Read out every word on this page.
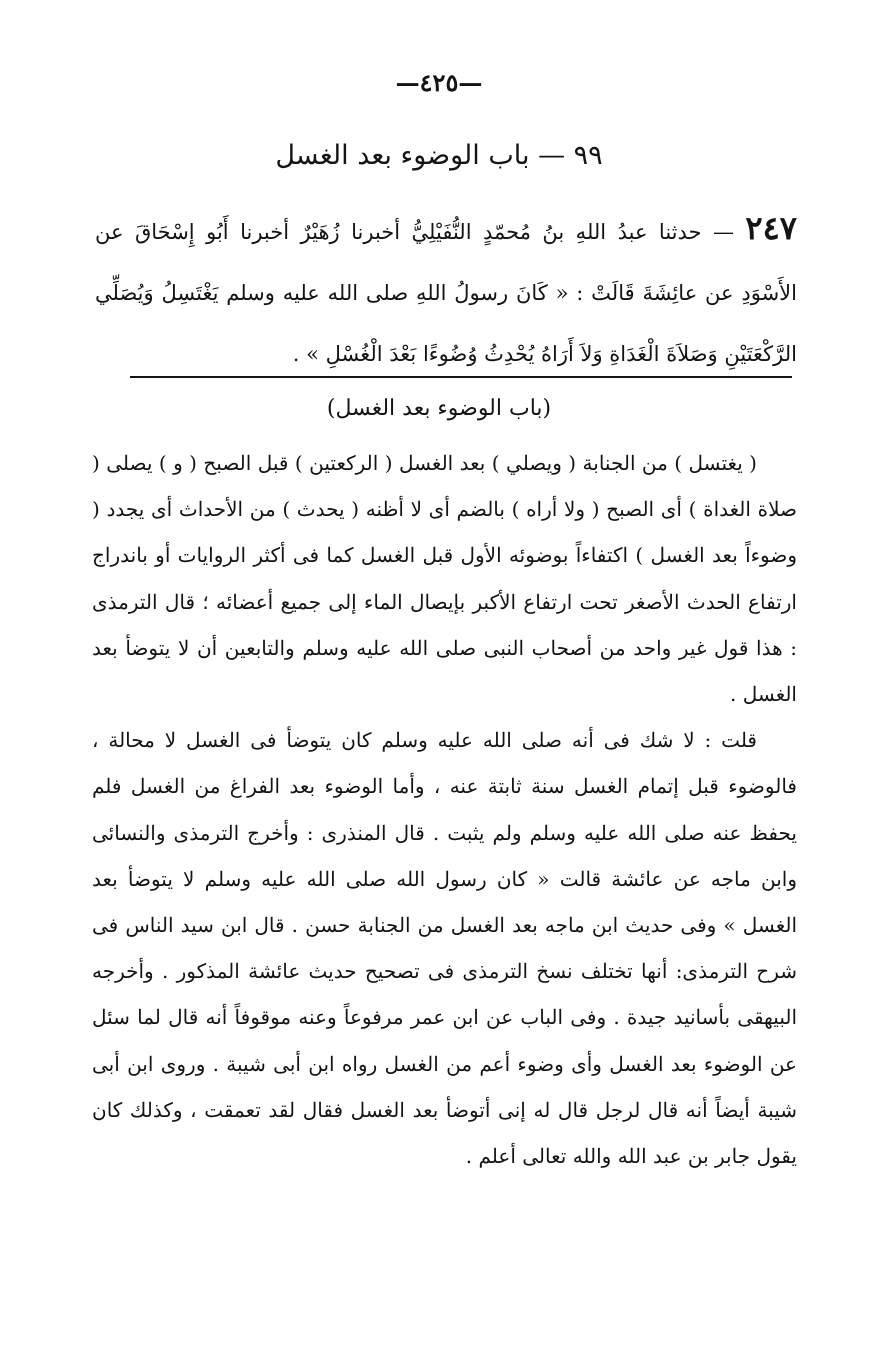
—٤٢٥—
٩٩ — باب الوضوء بعد الغسل
٢٤٧ — حدثنا عبدُ اللهِ بنُ مُحمّدٍ النُّفَيْلِيُّ أخبرنا زُهَيْرٌ أخبرنا أَبُو إِسْحَاقَ عن الأَسْوَدِ عن عائِشَةَ قَالَتْ : « كَانَ رسولُ اللهِ صلى الله عليه وسلم يَغْتَسِلُ وَيُصَلِّي الرَّكْعَتَيْنِ وَصَلاَةَ الْغَدَاةِ وَلاَ أَرَاهُ يُحْدِثُ وُضُوءًا بَعْدَ الْغُسْلِ » .
(باب الوضوء بعد الغسل)

( يغتسل ) من الجنابة ( ويصلي ) بعد الغسل ( الركعتين ) قبل الصبح ( و ) يصلى ( صلاة الغداة ) أى الصبح ( ولا أراه ) بالضم أى لا أظنه ( يحدث ) من الأحداث أى يجدد ( وضوءاً بعد الغسل ) اكتفاءاً بوضوئه الأول قبل الغسل كما فى أكثر الروايات أو باندراج ارتفاع الحدث الأصغر تحت ارتفاع الأكبر بإيصال الماء إلى جميع أعضائه ؛ قال الترمذى : هذا قول غير واحد من أصحاب النبى صلى الله عليه وسلم والتابعين أن لا يتوضأ بعد الغسل .

قلت : لا شك فى أنه صلى الله عليه وسلم كان يتوضأ فى الغسل لا محالة ، فالوضوء قبل إتمام الغسل سنة ثابتة عنه ، وأما الوضوء بعد الفراغ من الغسل فلم يحفظ عنه صلى الله عليه وسلم ولم يثبت . قال المنذرى : وأخرج الترمذى والنسائى وابن ماجه عن عائشة قالت « كان رسول الله صلى الله عليه وسلم لا يتوضأ بعد الغسل » وفى حديث ابن ماجه بعد الغسل من الجنابة حسن . قال ابن سيد الناس فى شرح الترمذى: أنها تختلف نسخ الترمذى فى تصحيح حديث عائشة المذكور . وأخرجه البيهقى بأسانيد جيدة . وفى الباب عن ابن عمر مرفوعاً وعنه موقوفاً أنه قال لما سئل عن الوضوء بعد الغسل وأى وضوء أعم من الغسل رواه ابن أبى شيبة . وروى ابن أبى شيبة أيضاً أنه قال لرجل قال له إنى أتوضأ بعد الغسل فقال لقد تعمقت ، وكذلك كان يقول جابر بن عبد الله والله تعالى أعلم .
